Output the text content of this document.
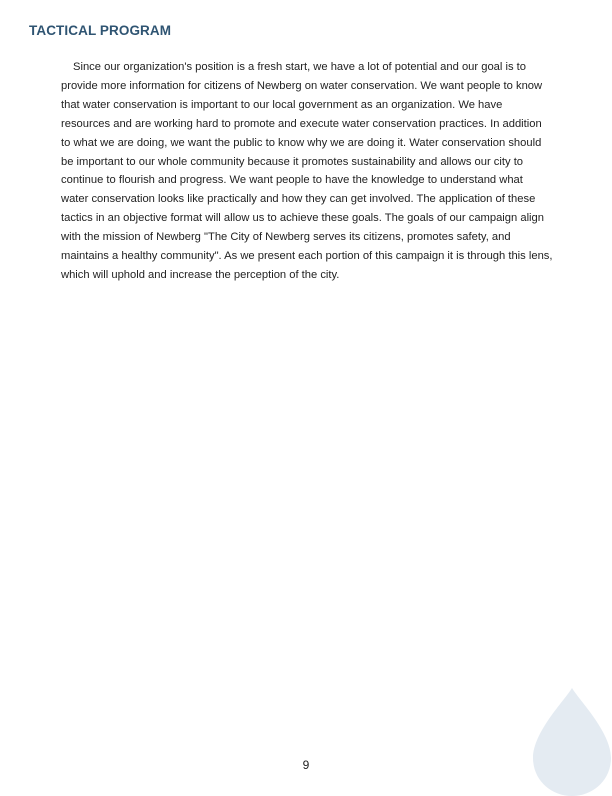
TACTICAL PROGRAM

Since our organization's position is a fresh start, we have a lot of potential and our goal is to provide more information for citizens of Newberg on water conservation. We want people to know that water conservation is important to our local government as an organization. We have resources and are working hard to promote and execute water conservation practices. In addition to what we are doing, we want the public to know why we are doing it. Water conservation should be important to our whole community because it promotes sustainability and allows our city to continue to flourish and progress. We want people to have the knowledge to understand what water conservation looks like practically and how they can get involved. The application of these tactics in an objective format will allow us to achieve these goals. The goals of our campaign align with the mission of Newberg "The City of Newberg serves its citizens, promotes safety, and maintains a healthy community". As we present each portion of this campaign it is through this lens, which will uphold and increase the perception of the city.

9
